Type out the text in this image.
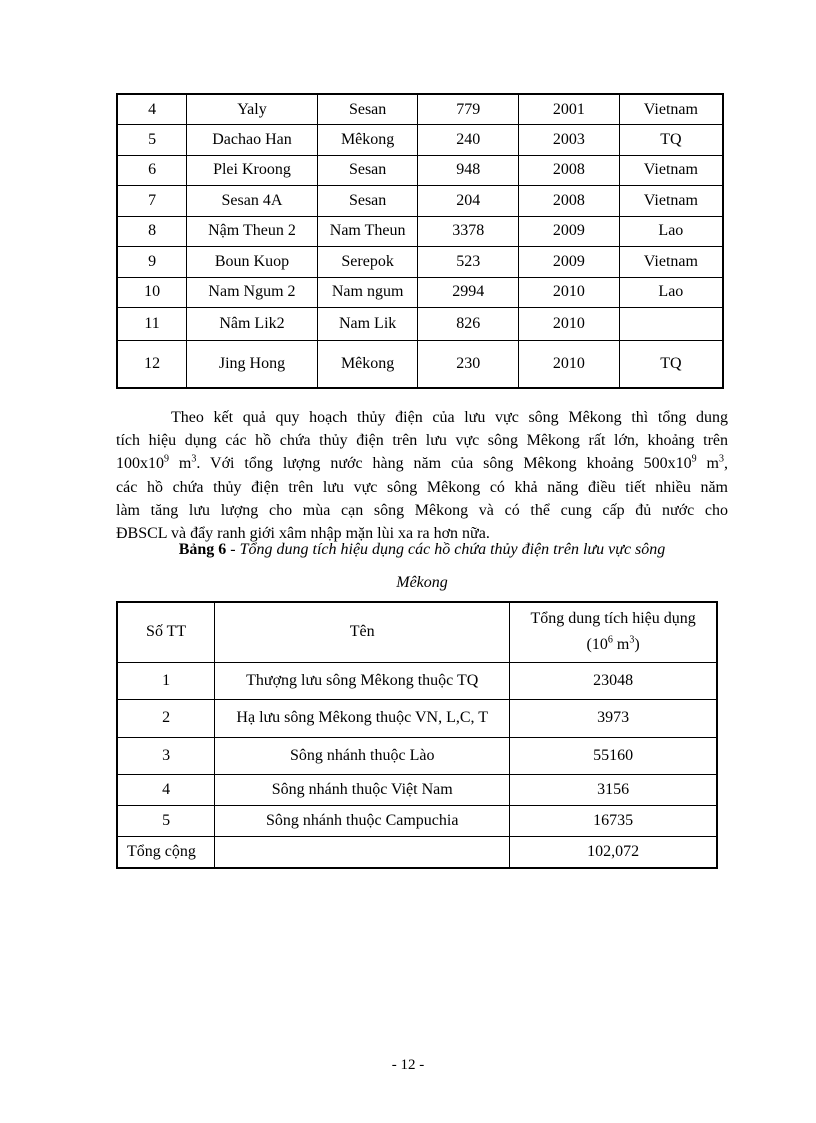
4	Yaly	Sesan	779	2001	Vietnam
5	Dachao Han	Mêkong	240	2003	TQ
6	Plei Kroong	Sesan	948	2008	Vietnam
7	Sesan 4A	Sesan	204	2008	Vietnam
8	Nậm Theun 2	Nam Theun	3378	2009	Lao
9	Boun Kuop	Serepok	523	2009	Vietnam
10	Nam Ngum 2	Nam ngum	2994	2010	Lao
11	Nâm Lik2	Nam Lik	826	2010	
12	Jing Hong	Mêkong	230	2010	TQ
Theo kết quả quy hoạch thủy điện của lưu vực sông Mêkong thì tổng dung
tích hiệu dụng các hồ chứa thủy điện trên lưu vực sông Mêkong rất lớn, khoảng trên
$100x10^9$ $m^3$. Với tổng lượng nước hàng năm của sông Mêkong khoảng $500x10^9$ $m^3$,
các hồ chứa thủy điện trên lưu vực sông Mêkong có khả năng điều tiết nhiều năm
làm tăng lưu lượng cho mùa cạn sông Mêkong và có thể cung cấp đủ nước cho
ĐBSCL và đẩy ranh giới xâm nhập mặn lùi xa ra hơn nữa.
Bảng 6 - Tổng dung tích hiệu dụng các hồ chứa thủy điện trên lưu vực sông
Mêkong
Số TT	Tên	Tổng dung tích hiệu dụng
($10^6$ $m^3$)

1	Thượng lưu sông Mêkong thuộc TQ	23048
2	Hạ lưu sông Mêkong thuộc VN, L,C, T	3973
3	Sông nhánh thuộc Lào	55160
4	Sông nhánh thuộc Việt Nam	3156
5	Sông nhánh thuộc Campuchia	16735
Tổng cộng		102,072
- 12 -
